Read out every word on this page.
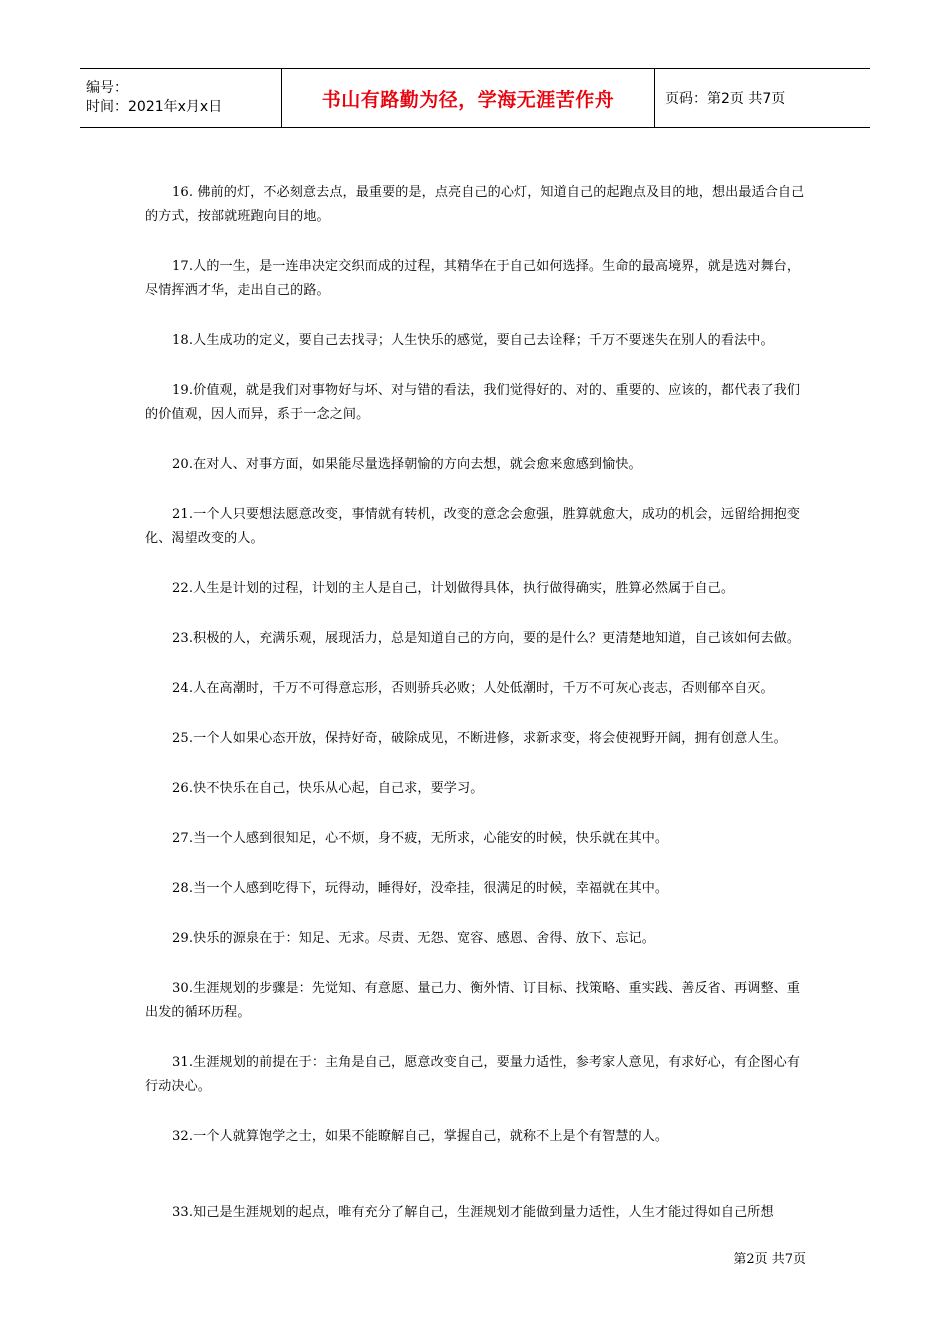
编号：
时间：2021年x月x日	书山有路勤为径，学海无涯苦作舟	页码：第2页 共7页

16. 佛前的灯，不必刻意去点，最重要的是，点亮自己的心灯，知道自己的起跑点及目的地，想出最适合自己的方式，按部就班跑向目的地。

17.人的一生，是一连串决定交织而成的过程，其精华在于自己如何选择。生命的最高境界，就是选对舞台，尽情挥洒才华，走出自己的路。

18.人生成功的定义，要自己去找寻；人生快乐的感觉，要自己去诠释；千万不要迷失在别人的看法中。

19.价值观，就是我们对事物好与坏、对与错的看法，我们觉得好的、对的、重要的、应该的，都代表了我们的价值观，因人而异，系于一念之间。

20.在对人、对事方面，如果能尽量选择朝愉的方向去想，就会愈来愈感到愉快。

21.一个人只要想法愿意改变，事情就有转机，改变的意念会愈强，胜算就愈大，成功的机会，远留给拥抱变化、渴望改变的人。

22.人生是计划的过程，计划的主人是自己，计划做得具体，执行做得确实，胜算必然属于自己。

23.积极的人，充满乐观，展现活力，总是知道自己的方向，要的是什么？更清楚地知道，自己该如何去做。

24.人在高潮时，千万不可得意忘形，否则骄兵必败；人处低潮时，千万不可灰心丧志，否则郁卒自灭。

25.一个人如果心态开放，保持好奇，破除成见，不断进修，求新求变，将会使视野开阔，拥有创意人生。

26.快不快乐在自己，快乐从心起，自己求，要学习。

27.当一个人感到很知足，心不烦，身不疲，无所求，心能安的时候，快乐就在其中。

28.当一个人感到吃得下，玩得动，睡得好，没牵挂，很满足的时候，幸福就在其中。

29.快乐的源泉在于：知足、无求。尽责、无怨、宽容、感恩、舍得、放下、忘记。

30.生涯规划的步骤是：先觉知、有意愿、量己力、衡外情、订目标、找策略、重实践、善反省、再调整、重出发的循环历程。

31.生涯规划的前提在于：主角是自己，愿意改变自己，要量力适性，参考家人意见，有求好心，有企图心有行动决心。

32.一个人就算饱学之士，如果不能瞭解自己，掌握自己，就称不上是个有智慧的人。

33.知己是生涯规划的起点，唯有充分了解自己，生涯规划才能做到量力适性，人生才能过得如自己所想

第2页 共7页
